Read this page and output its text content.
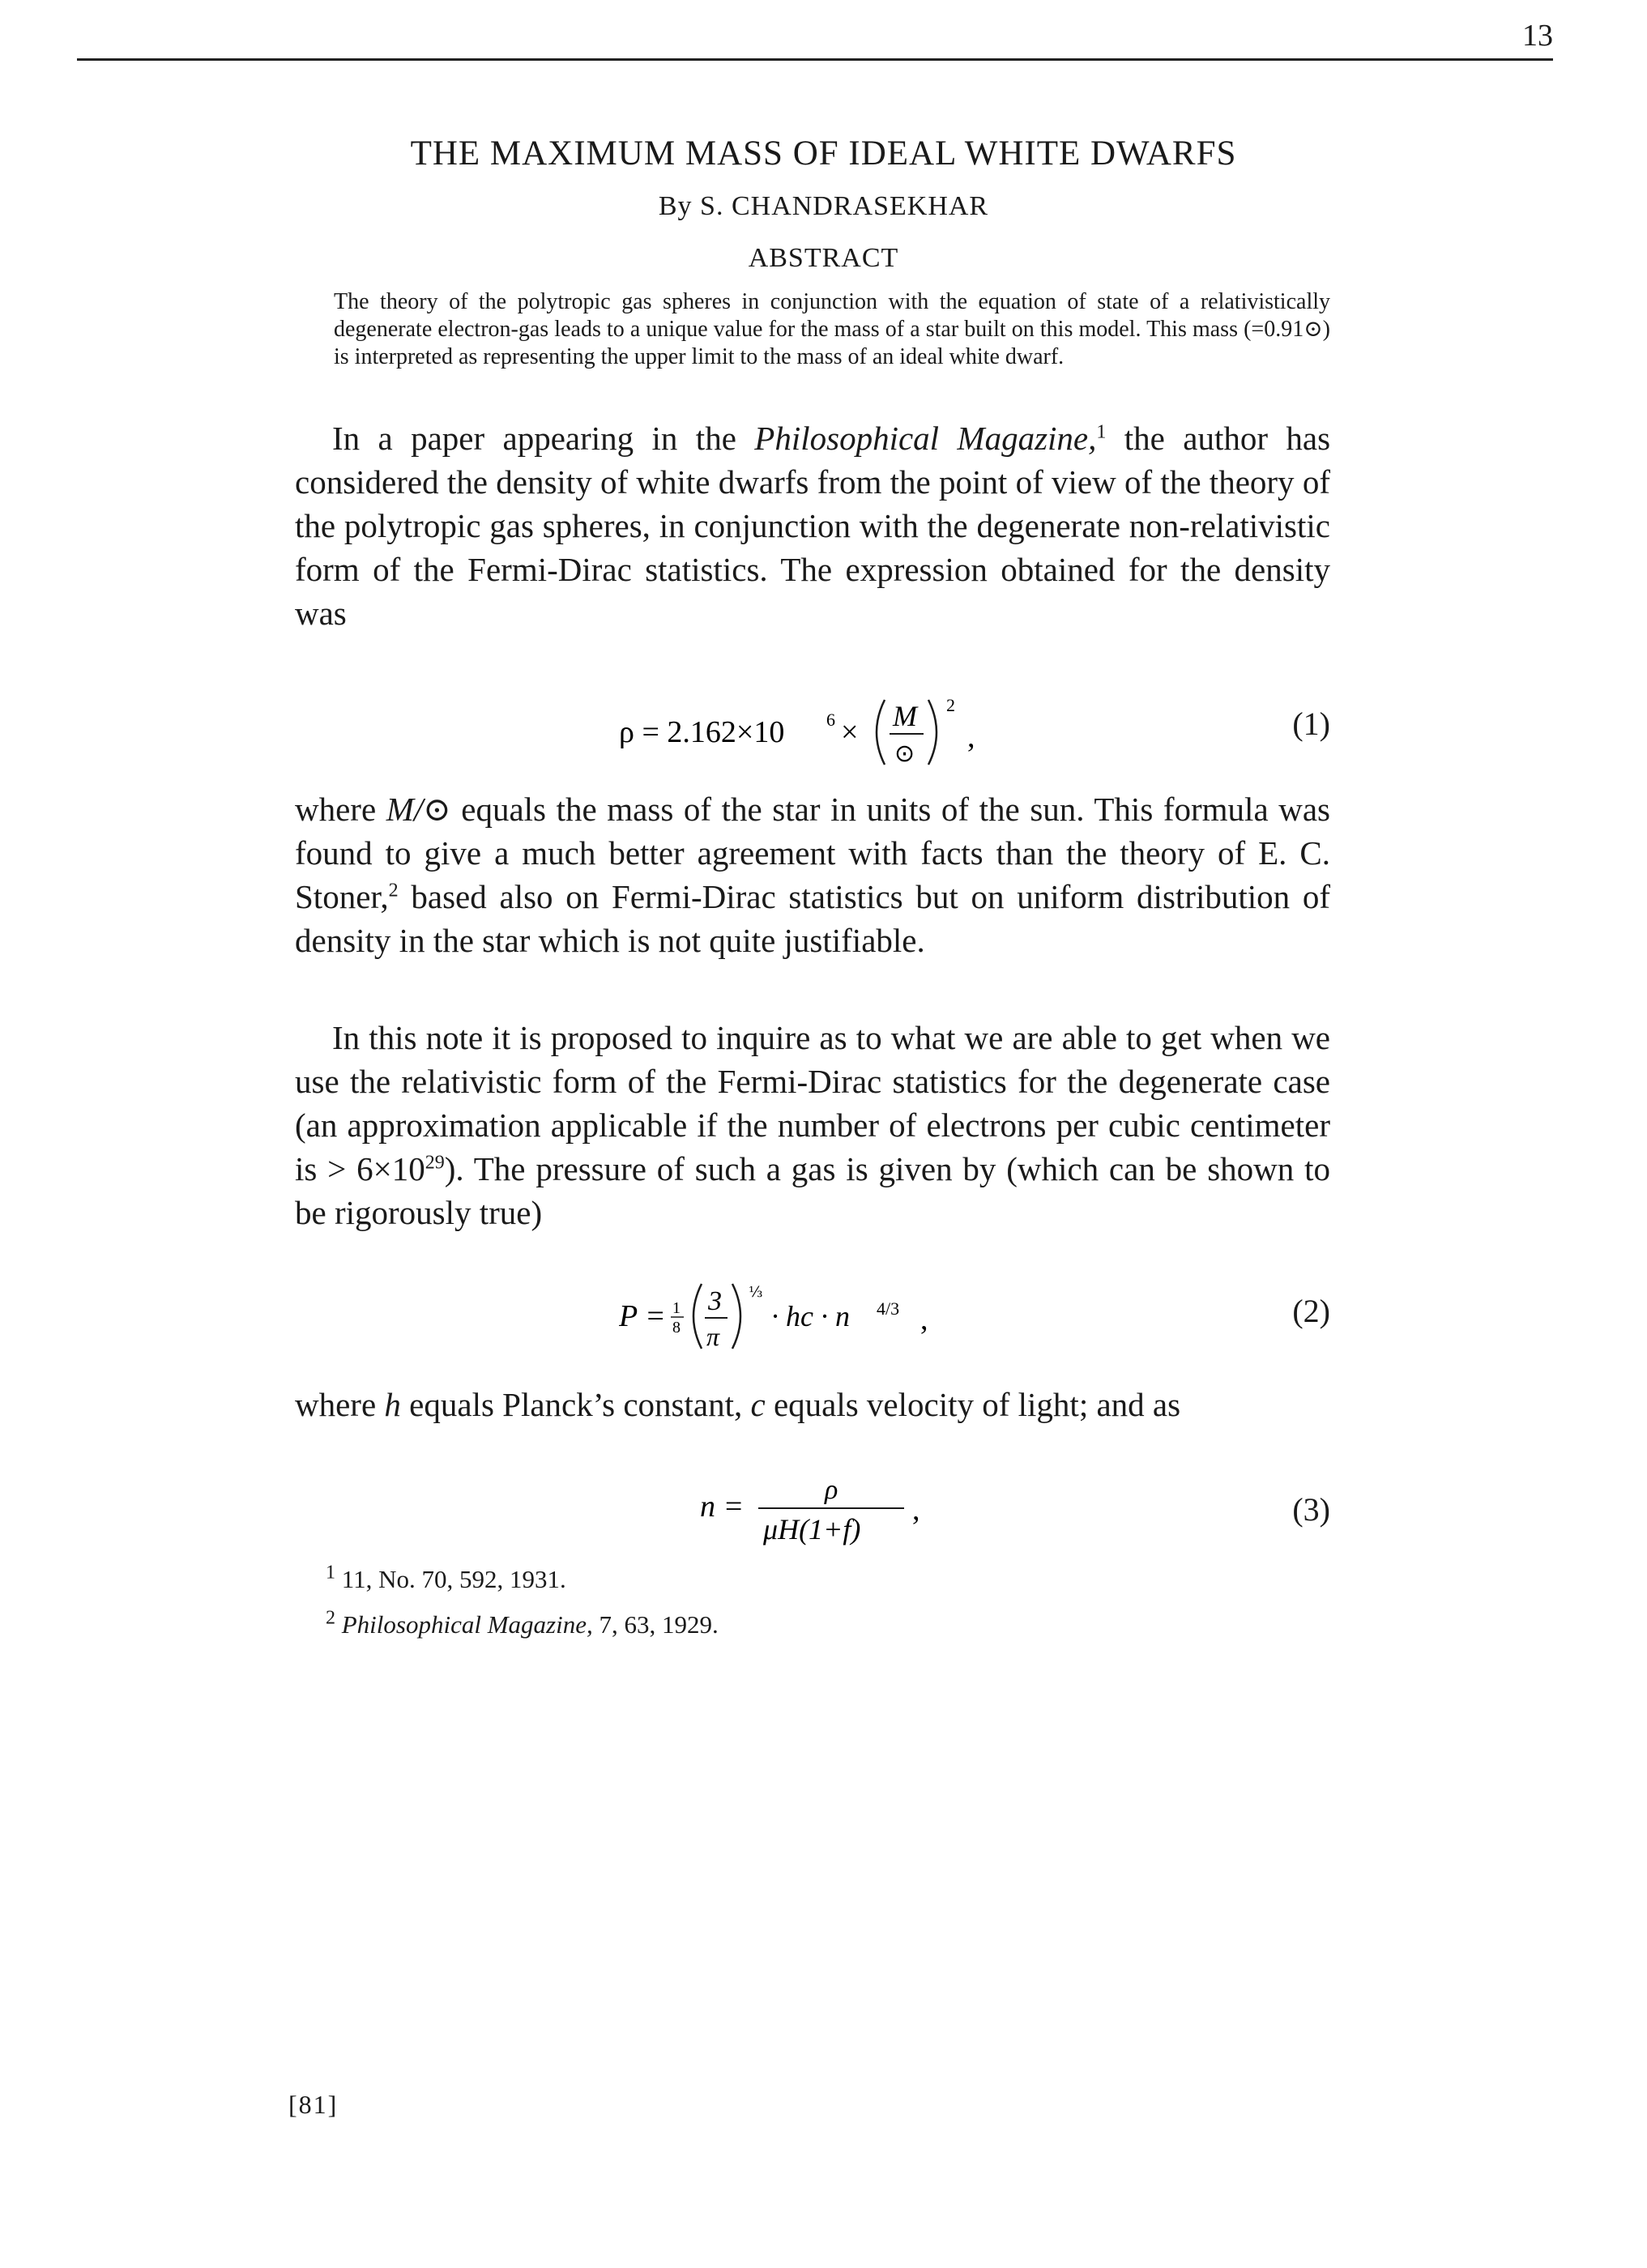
13
THE MAXIMUM MASS OF IDEAL WHITE DWARFS
By S. CHANDRASEKHAR
ABSTRACT

The theory of the polytropic gas spheres in conjunction with the equation of state of a relativistically degenerate electron-gas leads to a unique value for the mass of a star built on this model. This mass (=0.91⊙) is interpreted as representing the upper limit to the mass of an ideal white dwarf.

In a paper appearing in the Philosophical Magazine,$^1$ the author has considered the density of white dwarfs from the point of view of the theory of the polytropic gas spheres, in conjunction with the degenerate non-relativistic form of the Fermi-Dirac statistics. The expression obtained for the density was

ρ = 2.162×10 6 × M
⊙
2
,	(1)

where M/⊙ equals the mass of the star in units of the sun. This formula was found to give a much better agreement with facts than the theory of E. C. Stoner,$^2$ based also on Fermi-Dirac statistics but on uniform distribution of density in the star which is not quite justifiable.

In this note it is proposed to inquire as to what we are able to get when we use the relativistic form of the Fermi-Dirac statistics for the degenerate case (an approximation applicable if the number of electrons per cubic centimeter is > $6\times 10^{29}$). The pressure of such a gas is given by (which can be shown to be rigorously true)

P = 1
8
3
π
⅓
· hc · n 4/3 ,	(2)

where h equals Planck’s constant, c equals velocity of light; and as

n =	ρ
μH(1+f)
,	(3)
$^1$ 11, No. 70, 592, 1931.
$^2$ Philosophical Magazine, 7, 63, 1929.
[81]
